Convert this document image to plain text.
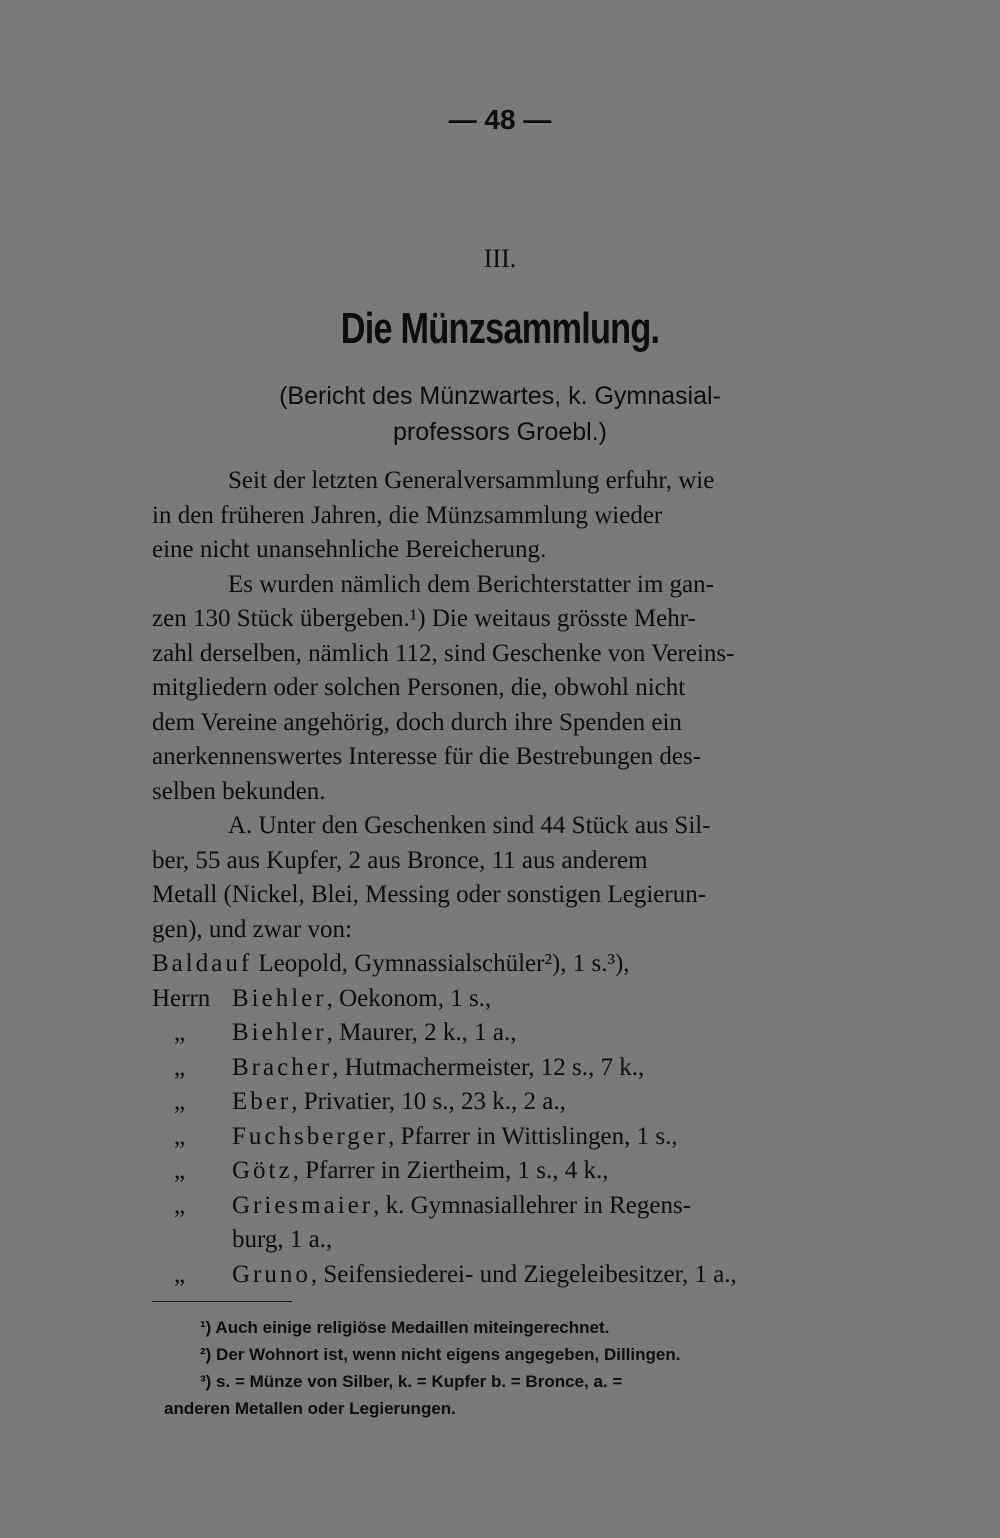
— 48 —
III.
Die Münzsammlung.
(Bericht des Münzwartes, k. Gymnasial-
professors Groebl.)

Seit der letzten Generalversammlung erfuhr, wie
in den früheren Jahren, die Münzsammlung wieder
eine nicht unansehnliche Bereicherung.

Es wurden nämlich dem Berichterstatter im gan-
zen 130 Stück übergeben.¹) Die weitaus grösste Mehr-
zahl derselben, nämlich 112, sind Geschenke von Vereins-
mitgliedern oder solchen Personen, die, obwohl nicht
dem Vereine angehörig, doch durch ihre Spenden ein
anerkennenswertes Interesse für die Bestrebungen des-
selben bekunden.

A. Unter den Geschenken sind 44 Stück aus Sil-
ber, 55 aus Kupfer, 2 aus Bronce, 11 aus anderem
Metall (Nickel, Blei, Messing oder sonstigen Legierun-
gen), und zwar von:

Baldauf Leopold, Gymnassialschüler²), 1 s.³),
Herrn Biehler, Oekonom, 1 s.,
„ Biehler, Maurer, 2 k., 1 a.,
„ Bracher, Hutmachermeister, 12 s., 7 k.,
„ Eber, Privatier, 10 s., 23 k., 2 a.,
„ Fuchsberger, Pfarrer in Wittislingen, 1 s.,
„ Götz, Pfarrer in Ziertheim, 1 s., 4 k.,
„ Griesmaier, k. Gymnasiallehrer in Regens-
burg, 1 a.,
„ Gruno, Seifensiederei- und Ziegeleibesitzer, 1 a.,
¹) Auch einige religiöse Medaillen miteingerechnet.
²) Der Wohnort ist, wenn nicht eigens angegeben, Dillingen.
³) s. = Münze von Silber, k. = Kupfer b. = Bronce, a. =
anderen Metallen oder Legierungen.
